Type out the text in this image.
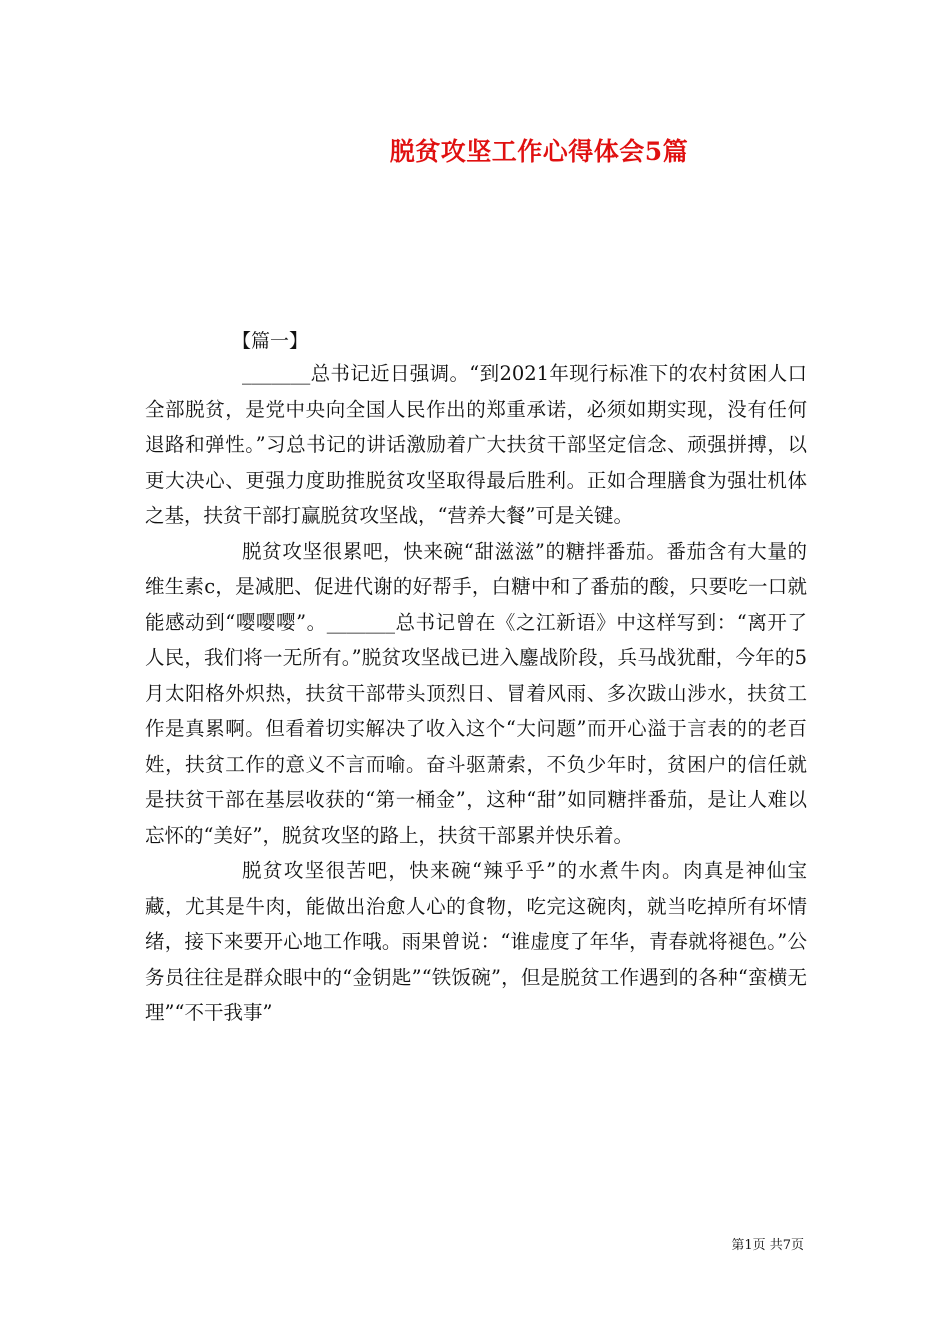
脱贫攻坚工作心得体会5篇

【篇一】

_______总书记近日强调。“到2021年现行标准下的农村贫困人口全部脱贫，是党中央向全国人民作出的郑重承诺，必须如期实现，没有任何退路和弹性。”习总书记的讲话激励着广大扶贫干部坚定信念、顽强拼搏，以更大决心、更强力度助推脱贫攻坚取得最后胜利。正如合理膳食为强壮机体之基，扶贫干部打赢脱贫攻坚战，“营养大餐”可是关键。

脱贫攻坚很累吧，快来碗“甜滋滋”的糖拌番茄。番茄含有大量的维生素c，是减肥、促进代谢的好帮手，白糖中和了番茄的酸，只要吃一口就能感动到“嘤嘤嘤”。_______总书记曾在《之江新语》中这样写到：“离开了人民，我们将一无所有。”脱贫攻坚战已进入鏖战阶段，兵马战犹酣，今年的5月太阳格外炽热，扶贫干部带头顶烈日、冒着风雨、多次跋山涉水，扶贫工作是真累啊。但看着切实解决了收入这个“大问题”而开心溢于言表的的老百姓，扶贫工作的意义不言而喻。奋斗驱萧索，不负少年时，贫困户的信任就是扶贫干部在基层收获的“第一桶金”，这种“甜”如同糖拌番茄，是让人难以忘怀的“美好”，脱贫攻坚的路上，扶贫干部累并快乐着。

脱贫攻坚很苦吧，快来碗“辣乎乎”的水煮牛肉。肉真是神仙宝藏，尤其是牛肉，能做出治愈人心的食物，吃完这碗肉，就当吃掉所有坏情绪，接下来要开心地工作哦。雨果曾说：“谁虚度了年华，青春就将褪色。”公务员往往是群众眼中的“金钥匙”“铁饭碗”，但是脱贫工作遇到的各种“蛮横无理”“不干我事”

第1页 共7页
